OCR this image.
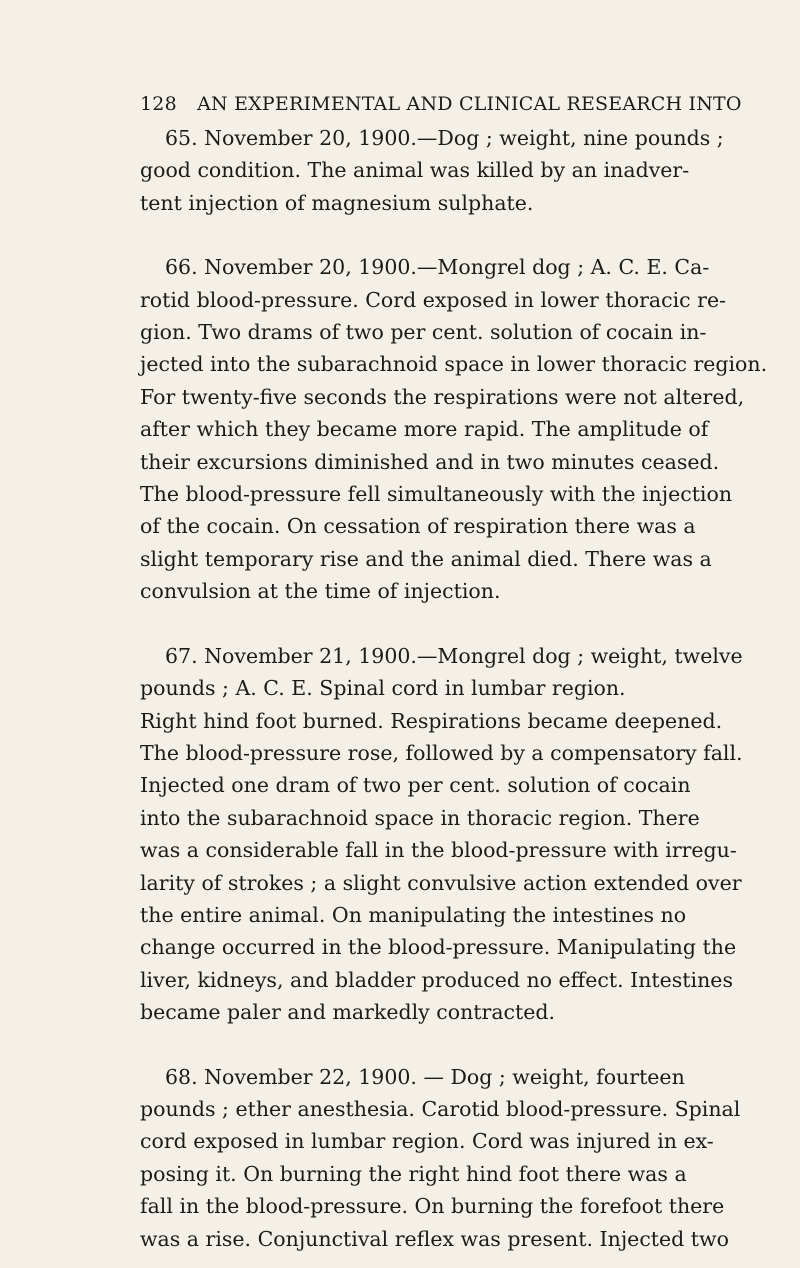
128 AN EXPERIMENTAL AND CLINICAL RESEARCH INTO
65. November 20, 1900.—Dog ; weight, nine pounds ;
good condition. The animal was killed by an inadver-
tent injection of magnesium sulphate.
66. November 20, 1900.—Mongrel dog ; A. C. E. Ca-
rotid blood-pressure. Cord exposed in lower thoracic re-
gion. Two drams of two per cent. solution of cocain in-
jected into the subarachnoid space in lower thoracic region.
For twenty-five seconds the respirations were not altered,
after which they became more rapid. The amplitude of
their excursions diminished and in two minutes ceased.
The blood-pressure fell simultaneously with the injection
of the cocain. On cessation of respiration there was a
slight temporary rise and the animal died. There was a
convulsion at the time of injection.
67. November 21, 1900.—Mongrel dog ; weight, twelve
pounds ; A. C. E. Spinal cord in lumbar region.
Right hind foot burned. Respirations became deepened.
The blood-pressure rose, followed by a compensatory fall.
Injected one dram of two per cent. solution of cocain
into the subarachnoid space in thoracic region. There
was a considerable fall in the blood-pressure with irregu-
larity of strokes ; a slight convulsive action extended over
the entire animal. On manipulating the intestines no
change occurred in the blood-pressure. Manipulating the
liver, kidneys, and bladder produced no effect. Intestines
became paler and markedly contracted.
68. November 22, 1900. — Dog ; weight, fourteen
pounds ; ether anesthesia. Carotid blood-pressure. Spinal
cord exposed in lumbar region. Cord was injured in ex-
posing it. On burning the right hind foot there was a
fall in the blood-pressure. On burning the forefoot there
was a rise. Conjunctival reflex was present. Injected two
